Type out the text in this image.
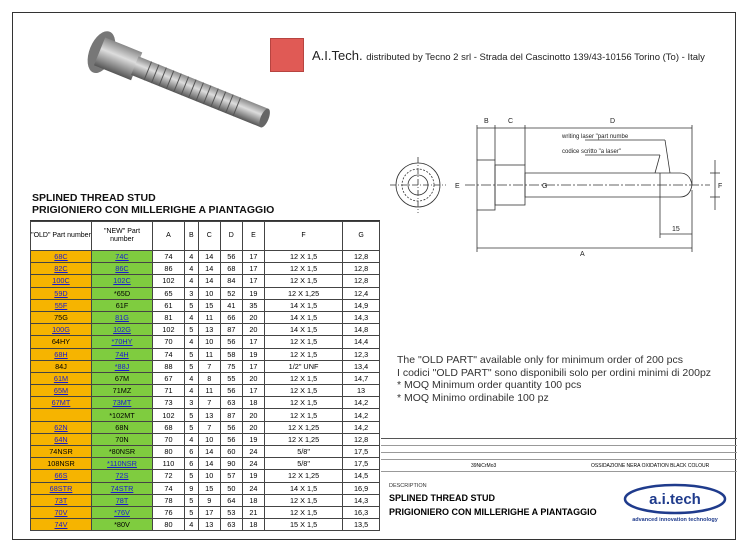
A.I.Tech. distributed by Tecno 2 srl - Strada del Cascinotto 139/43-10156 Torino (To) - Italy
B	C	D
E	G	F
A
15
writing laser "part numbe
codice scritto "a laser"
SPLINED THREAD STUD
PRIGIONIERO CON MILLERIGHE A PIANTAGGIO
"OLD" Part number	"NEW" Part number	A	B	C	D	E	F	G
68C	74C	74	4	14	56	17	12 X 1,5	12,8
82C	86C	86	4	14	68	17	12 X 1,5	12,8
100C	102C	102	4	14	84	17	12 X 1,5	12,8
59D	*65D	65	3	10	52	19	12 X 1,25	12,4
55F	61F	61	5	15	41	35	14 X 1,5	14,9
75G	81G	81	4	11	66	20	14 X 1,5	14,3
100G	102G	102	5	13	87	20	14 X 1,5	14,8
64HY	*70HY	70	4	10	56	17	12 X 1,5	14,4
68H	74H	74	5	11	58	19	12 X 1,5	12,3
84J	*88J	88	5	7	75	17	1/2" UNF	13,4
61M	67M	67	4	8	55	20	12 X 1,5	14,7
65M	71MZ	71	4	11	56	17	12 X 1,5	13
67MT	73MT	73	3	7	63	18	12 X 1,5	14,2
	*102MT	102	5	13	87	20	12 X 1,5	14,2
62N	68N	68	5	7	56	20	12 X 1,25	14,2
64N	70N	70	4	10	56	19	12 X 1,25	12,8
74NSR	*80NSR	80	6	14	60	24	5/8"	17,5
108NSR	*110NSR	110	6	14	90	24	5/8"	17,5
66S	72S	72	5	10	57	19	12 X 1,25	14,5
68STR	74STR	74	9	15	50	24	14 X 1,5	16,9
73T	78T	78	5	9	64	18	12 X 1,5	14,3
70V	*76V	76	5	17	53	21	12 X 1,5	16,3
74V	*80V	80	4	13	63	18	15 X 1,5	13,5
The "OLD PART" available only for minimum order of 200 pcs
I codici "OLD PART" sono disponibili solo per ordini minimi di 200pz
* MOQ Minimum order quantity 100 pcs
* MOQ Minimo ordinabile 100 pz
39NiCrMo3	OSSIDAZIONE NERA OXIDATION BLACK COLOUR
DESCRIPTION
SPLINED THREAD STUD
PRIGIONIERO CON MILLERIGHE A PIANTAGGIO
a.i.tech
advanced innovation technology
